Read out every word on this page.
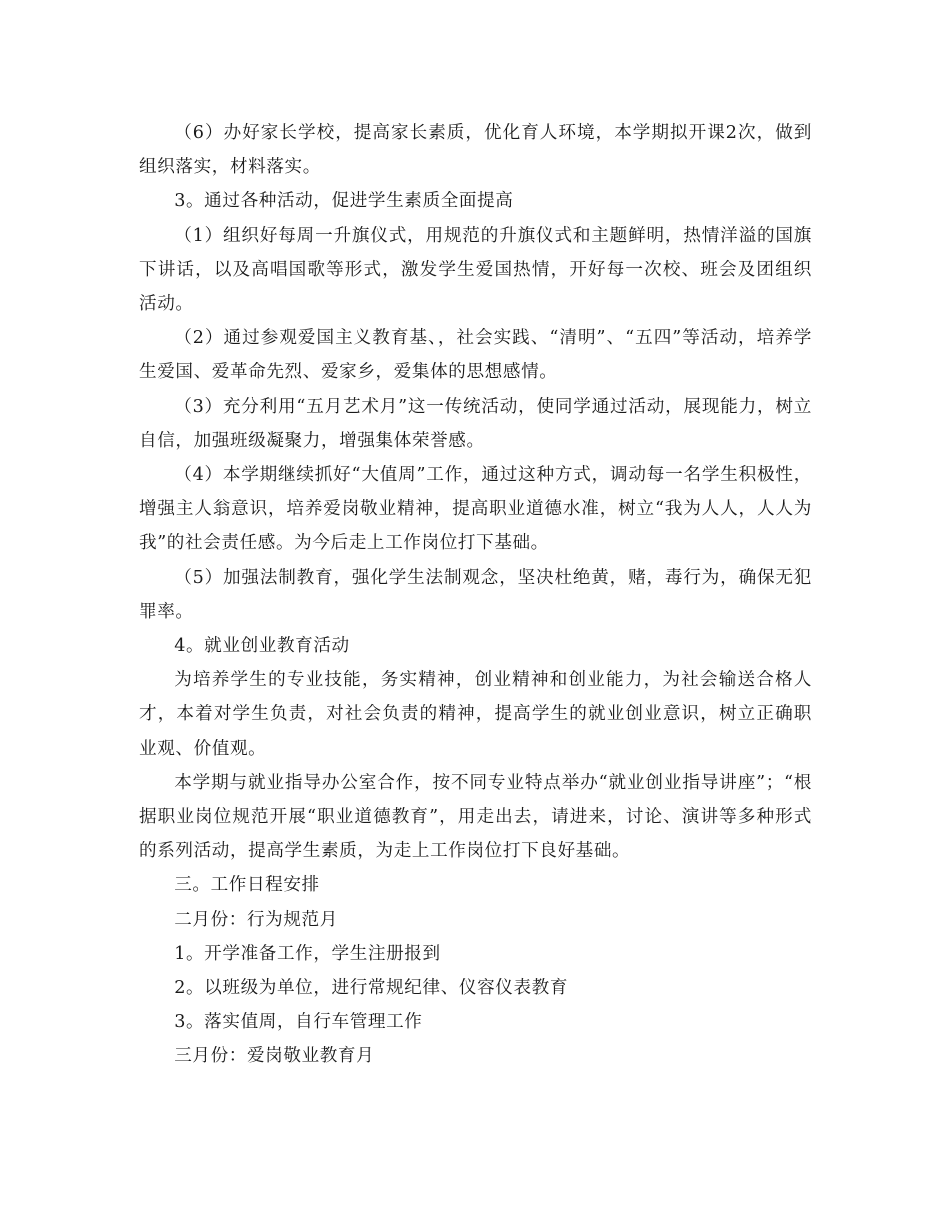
（6）办好家长学校，提高家长素质，优化育人环境，本学期拟开课2次，做到组织落实，材料落实。

3。通过各种活动，促进学生素质全面提高

（1）组织好每周一升旗仪式，用规范的升旗仪式和主题鲜明，热情洋溢的国旗下讲话，以及高唱国歌等形式，激发学生爱国热情，开好每一次校、班会及团组织活动。

（2）通过参观爱国主义教育基、，社会实践、“清明”、“五四”等活动，培养学生爱国、爱革命先烈、爱家乡，爱集体的思想感情。

（3）充分利用“五月艺术月”这一传统活动，使同学通过活动，展现能力，树立自信，加强班级凝聚力，增强集体荣誉感。

（4）本学期继续抓好“大值周”工作，通过这种方式，调动每一名学生积极性，增强主人翁意识，培养爱岗敬业精神，提高职业道德水准，树立“我为人人，人人为我”的社会责任感。为今后走上工作岗位打下基础。

（5）加强法制教育，强化学生法制观念，坚决杜绝黄，赌，毒行为，确保无犯罪率。

4。就业创业教育活动

为培养学生的专业技能，务实精神，创业精神和创业能力，为社会输送合格人才，本着对学生负责，对社会负责的精神，提高学生的就业创业意识，树立正确职业观、价值观。

本学期与就业指导办公室合作，按不同专业特点举办“就业创业指导讲座”；“根据职业岗位规范开展“职业道德教育”，用走出去，请进来，讨论、演讲等多种形式的系列活动，提高学生素质，为走上工作岗位打下良好基础。

三。工作日程安排

二月份：行为规范月

1。开学准备工作，学生注册报到

2。以班级为单位，进行常规纪律、仪容仪表教育

3。落实值周，自行车管理工作

三月份：爱岗敬业教育月
